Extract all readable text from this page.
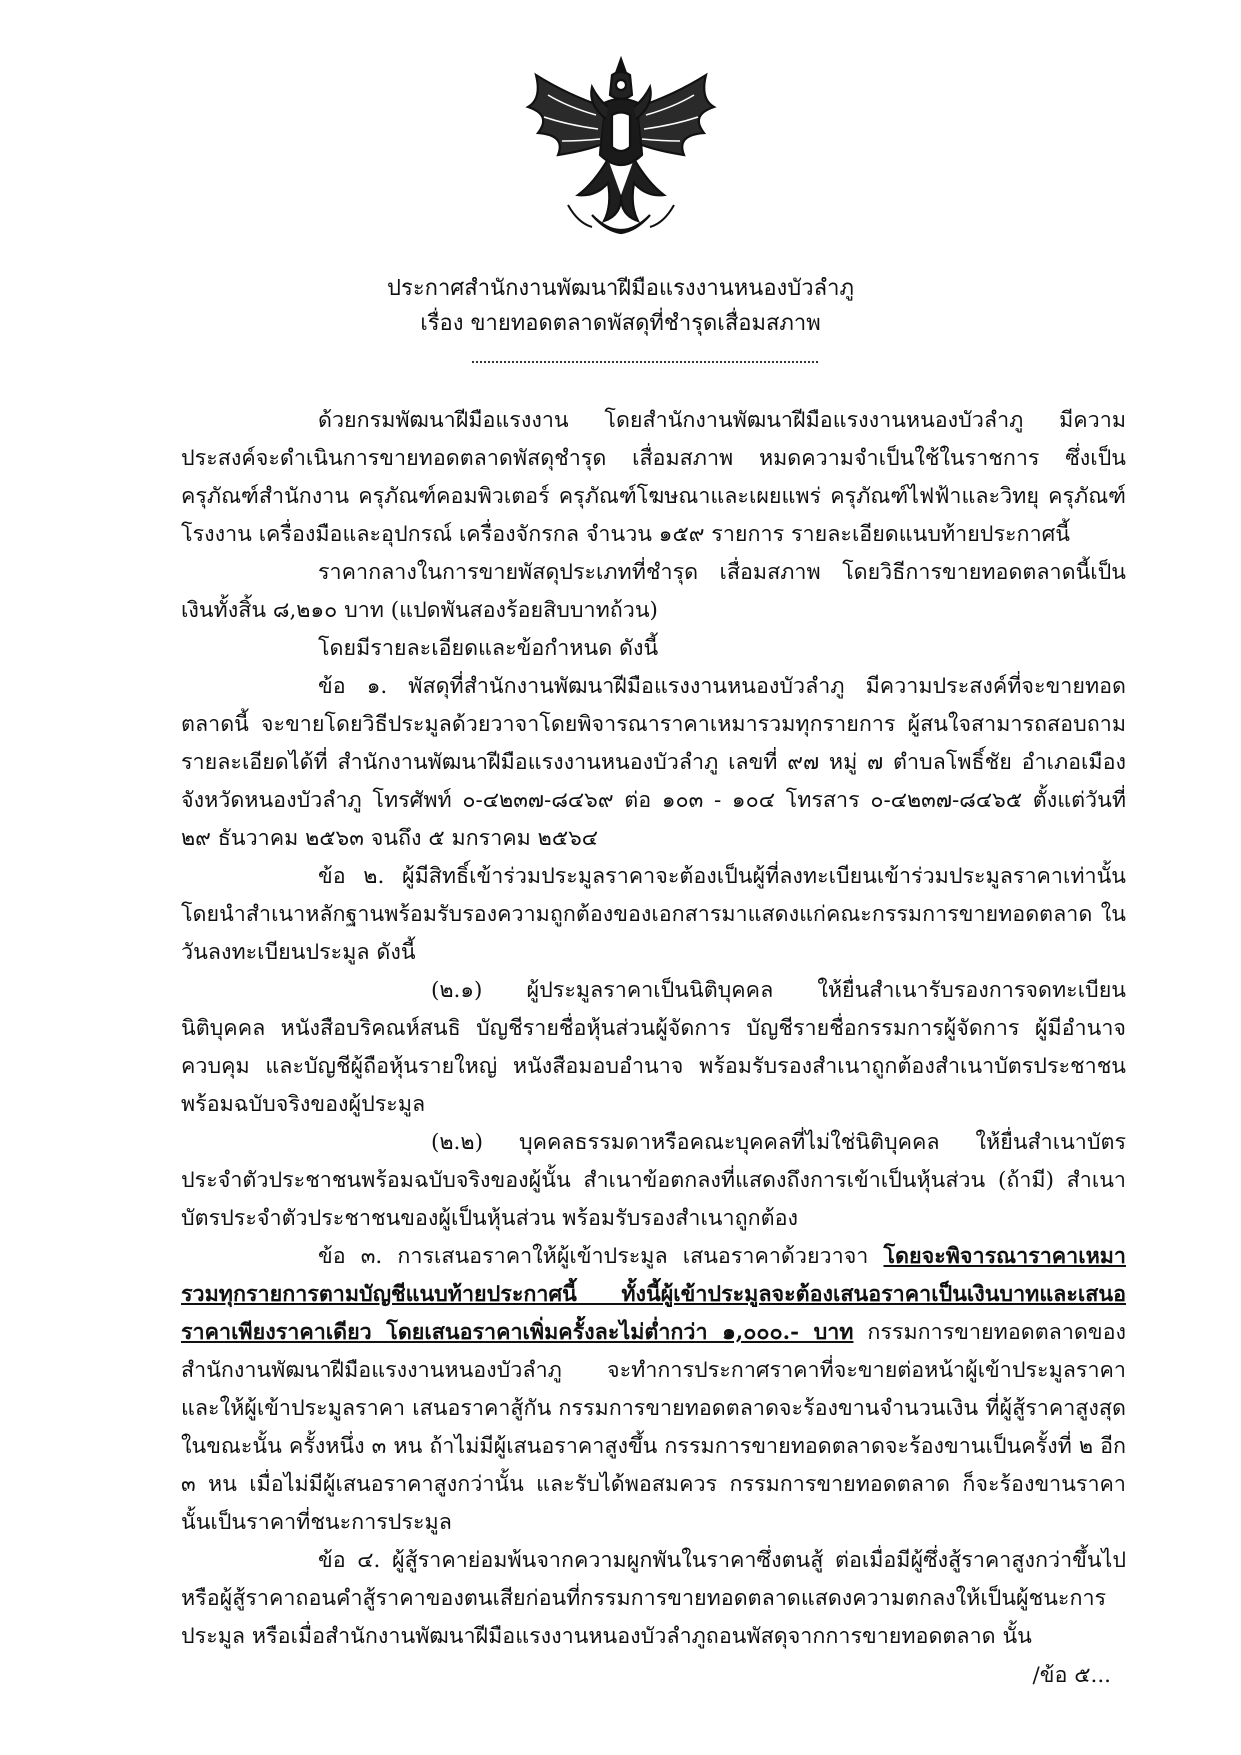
ประกาศสำนักงานพัฒนาฝีมือแรงงานหนองบัวลำภู
เรื่อง ขายทอดตลาดพัสดุที่ชำรุดเสื่อมสภาพ

ด้วยกรมพัฒนาฝีมือแรงงาน โดยสำนักงานพัฒนาฝีมือแรงงานหนองบัวลำภู มีความประสงค์จะดำเนินการขายทอดตลาดพัสดุชำรุด เสื่อมสภาพ หมดความจำเป็นใช้ในราชการ ซึ่งเป็นครุภัณฑ์สำนักงาน ครุภัณฑ์คอมพิวเตอร์ ครุภัณฑ์โฆษณาและเผยแพร่ ครุภัณฑ์ไฟฟ้าและวิทยุ ครุภัณฑ์โรงงาน เครื่องมือและอุปกรณ์ เครื่องจักรกล จำนวน ๑๕๙ รายการ รายละเอียดแนบท้ายประกาศนี้

ราคากลางในการขายพัสดุประเภทที่ชำรุด เสื่อมสภาพ โดยวิธีการขายทอดตลาดนี้เป็นเงินทั้งสิ้น ๘,๒๑๐ บาท (แปดพันสองร้อยสิบบาทถ้วน)

โดยมีรายละเอียดและข้อกำหนด ดังนี้

ข้อ ๑. พัสดุที่สำนักงานพัฒนาฝีมือแรงงานหนองบัวลำภู มีความประสงค์ที่จะขายทอดตลาดนี้ จะขายโดยวิธีประมูลด้วยวาจาโดยพิจารณาราคาเหมารวมทุกรายการ ผู้สนใจสามารถสอบถามรายละเอียดได้ที่ สำนักงานพัฒนาฝีมือแรงงานหนองบัวลำภู เลขที่ ๙๗ หมู่ ๗ ตำบลโพธิ์ชัย อำเภอเมือง จังหวัดหนองบัวลำภู โทรศัพท์ ๐-๔๒๓๗-๘๔๖๙ ต่อ ๑๐๓ - ๑๐๔ โทรสาร ๐-๔๒๓๗-๘๔๖๕ ตั้งแต่วันที่ ๒๙ ธันวาคม ๒๕๖๓ จนถึง ๕ มกราคม ๒๕๖๔

ข้อ ๒. ผู้มีสิทธิ์เข้าร่วมประมูลราคาจะต้องเป็นผู้ที่ลงทะเบียนเข้าร่วมประมูลราคาเท่านั้น โดยนำสำเนาหลักฐานพร้อมรับรองความถูกต้องของเอกสารมาแสดงแก่คณะกรรมการขายทอดตลาด ในวันลงทะเบียนประมูล ดังนี้

(๒.๑) ผู้ประมูลราคาเป็นนิติบุคคล ให้ยื่นสำเนารับรองการจดทะเบียนนิติบุคคล หนังสือบริคณห์สนธิ บัญชีรายชื่อหุ้นส่วนผู้จัดการ บัญชีรายชื่อกรรมการผู้จัดการ ผู้มีอำนาจควบคุม และบัญชีผู้ถือหุ้นรายใหญ่ หนังสือมอบอำนาจ พร้อมรับรองสำเนาถูกต้องสำเนาบัตรประชาชน พร้อมฉบับจริงของผู้ประมูล

(๒.๒) บุคคลธรรมดาหรือคณะบุคคลที่ไม่ใช่นิติบุคคล ให้ยื่นสำเนาบัตรประจำตัวประชาชนพร้อมฉบับจริงของผู้นั้น สำเนาข้อตกลงที่แสดงถึงการเข้าเป็นหุ้นส่วน (ถ้ามี) สำเนาบัตรประจำตัวประชาชนของผู้เป็นหุ้นส่วน พร้อมรับรองสำเนาถูกต้อง

ข้อ ๓. การเสนอราคาให้ผู้เข้าประมูล เสนอราคาด้วยวาจา โดยจะพิจารณาราคาเหมารวมทุกรายการตามบัญชีแนบท้ายประกาศนี้ ทั้งนี้ผู้เข้าประมูลจะต้องเสนอราคาเป็นเงินบาทและเสนอราคาเพียงราคาเดียว โดยเสนอราคาเพิ่มครั้งละไม่ต่ำกว่า ๑,๐๐๐.- บาท กรรมการขายทอดตลาดของสำนักงานพัฒนาฝีมือแรงงานหนองบัวลำภู จะทำการประกาศราคาที่จะขายต่อหน้าผู้เข้าประมูลราคา และให้ผู้เข้าประมูลราคา เสนอราคาสู้กัน กรรมการขายทอดตลาดจะร้องขานจำนวนเงิน ที่ผู้สู้ราคาสูงสุดในขณะนั้น ครั้งหนึ่ง ๓ หน ถ้าไม่มีผู้เสนอราคาสูงขึ้น กรรมการขายทอดตลาดจะร้องขานเป็นครั้งที่ ๒ อีก ๓ หน เมื่อไม่มีผู้เสนอราคาสูงกว่านั้น และรับได้พอสมควร กรรมการขายทอดตลาด ก็จะร้องขานราคานั้นเป็นราคาที่ชนะการประมูล

ข้อ ๔. ผู้สู้ราคาย่อมพ้นจากความผูกพันในราคาซึ่งตนสู้ ต่อเมื่อมีผู้ซึ่งสู้ราคาสูงกว่าขึ้นไป หรือผู้สู้ราคาถอนคำสู้ราคาของตนเสียก่อนที่กรรมการขายทอดตลาดแสดงความตกลงให้เป็นผู้ชนะการประมูล หรือเมื่อสำนักงานพัฒนาฝีมือแรงงานหนองบัวลำภูถอนพัสดุจากการขายทอดตลาด นั้น

/ข้อ ๕...
